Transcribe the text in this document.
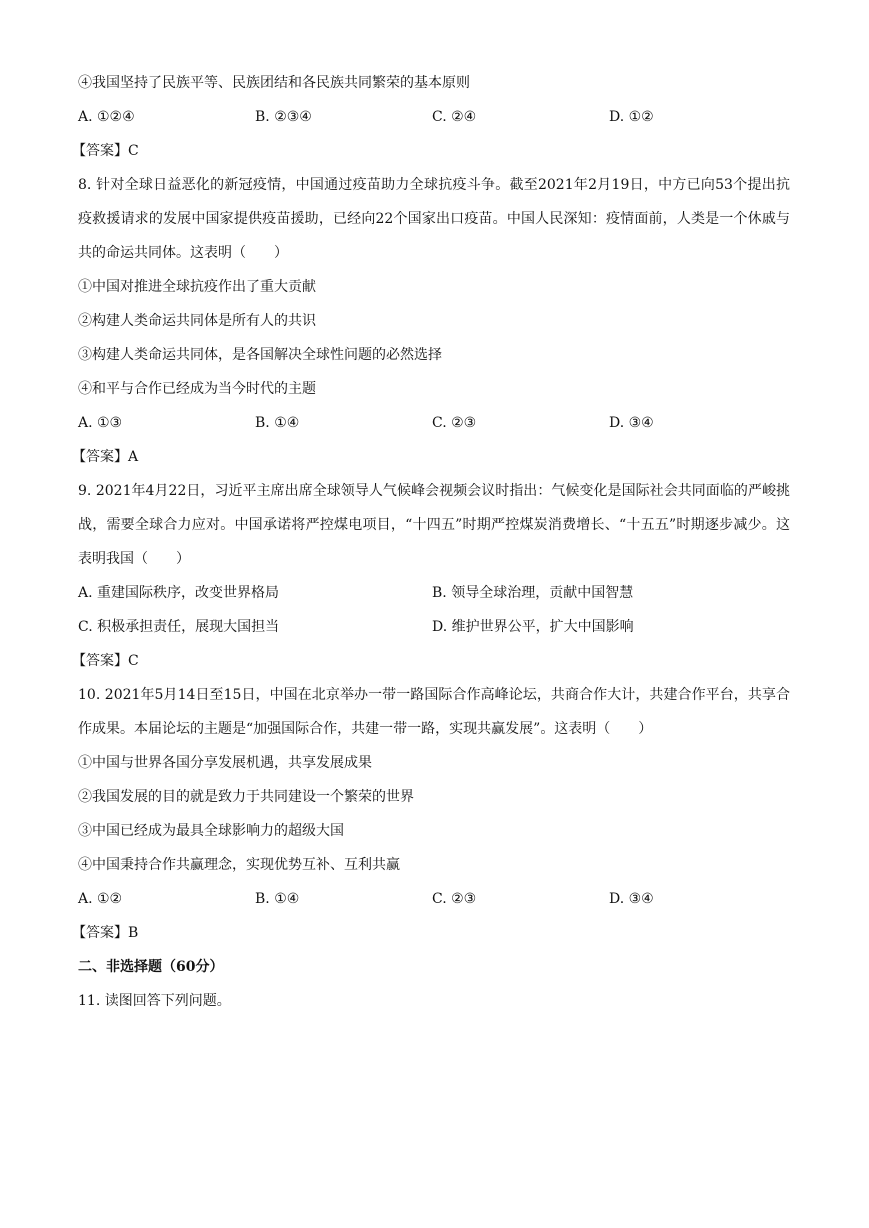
④我国坚持了民族平等、民族团结和各民族共同繁荣的基本原则
A. ①②④	B. ②③④	C. ②④	D. ①②
【答案】C
8. 针对全球日益恶化的新冠疫情，中国通过疫苗助力全球抗疫斗争。截至2021年2月19日，中方已向53个提出抗疫救援请求的发展中国家提供疫苗援助，已经向22个国家出口疫苗。中国人民深知：疫情面前，人类是一个休戚与共的命运共同体。这表明（　　）
①中国对推进全球抗疫作出了重大贡献
②构建人类命运共同体是所有人的共识
③构建人类命运共同体，是各国解决全球性问题的必然选择
④和平与合作已经成为当今时代的主题
A. ①③	B. ①④	C. ②③	D. ③④
【答案】A
9. 2021年4月22日，习近平主席出席全球领导人气候峰会视频会议时指出：气候变化是国际社会共同面临的严峻挑战，需要全球合力应对。中国承诺将严控煤电项目，“十四五”时期严控煤炭消费增长、“十五五”时期逐步减少。这表明我国（　　）
A. 重建国际秩序，改变世界格局	B. 领导全球治理，贡献中国智慧
C. 积极承担责任，展现大国担当	D. 维护世界公平，扩大中国影响
【答案】C
10. 2021年5月14日至15日，中国在北京举办一带一路国际合作高峰论坛，共商合作大计，共建合作平台，共享合作成果。本届论坛的主题是“加强国际合作，共建一带一路，实现共赢发展”。这表明（　　）
①中国与世界各国分享发展机遇，共享发展成果
②我国发展的目的就是致力于共同建设一个繁荣的世界
③中国已经成为最具全球影响力的超级大国
④中国秉持合作共赢理念，实现优势互补、互利共赢
A. ①②	B. ①④	C. ②③	D. ③④
【答案】B
二、非选择题（60分）
11. 读图回答下列问题。
